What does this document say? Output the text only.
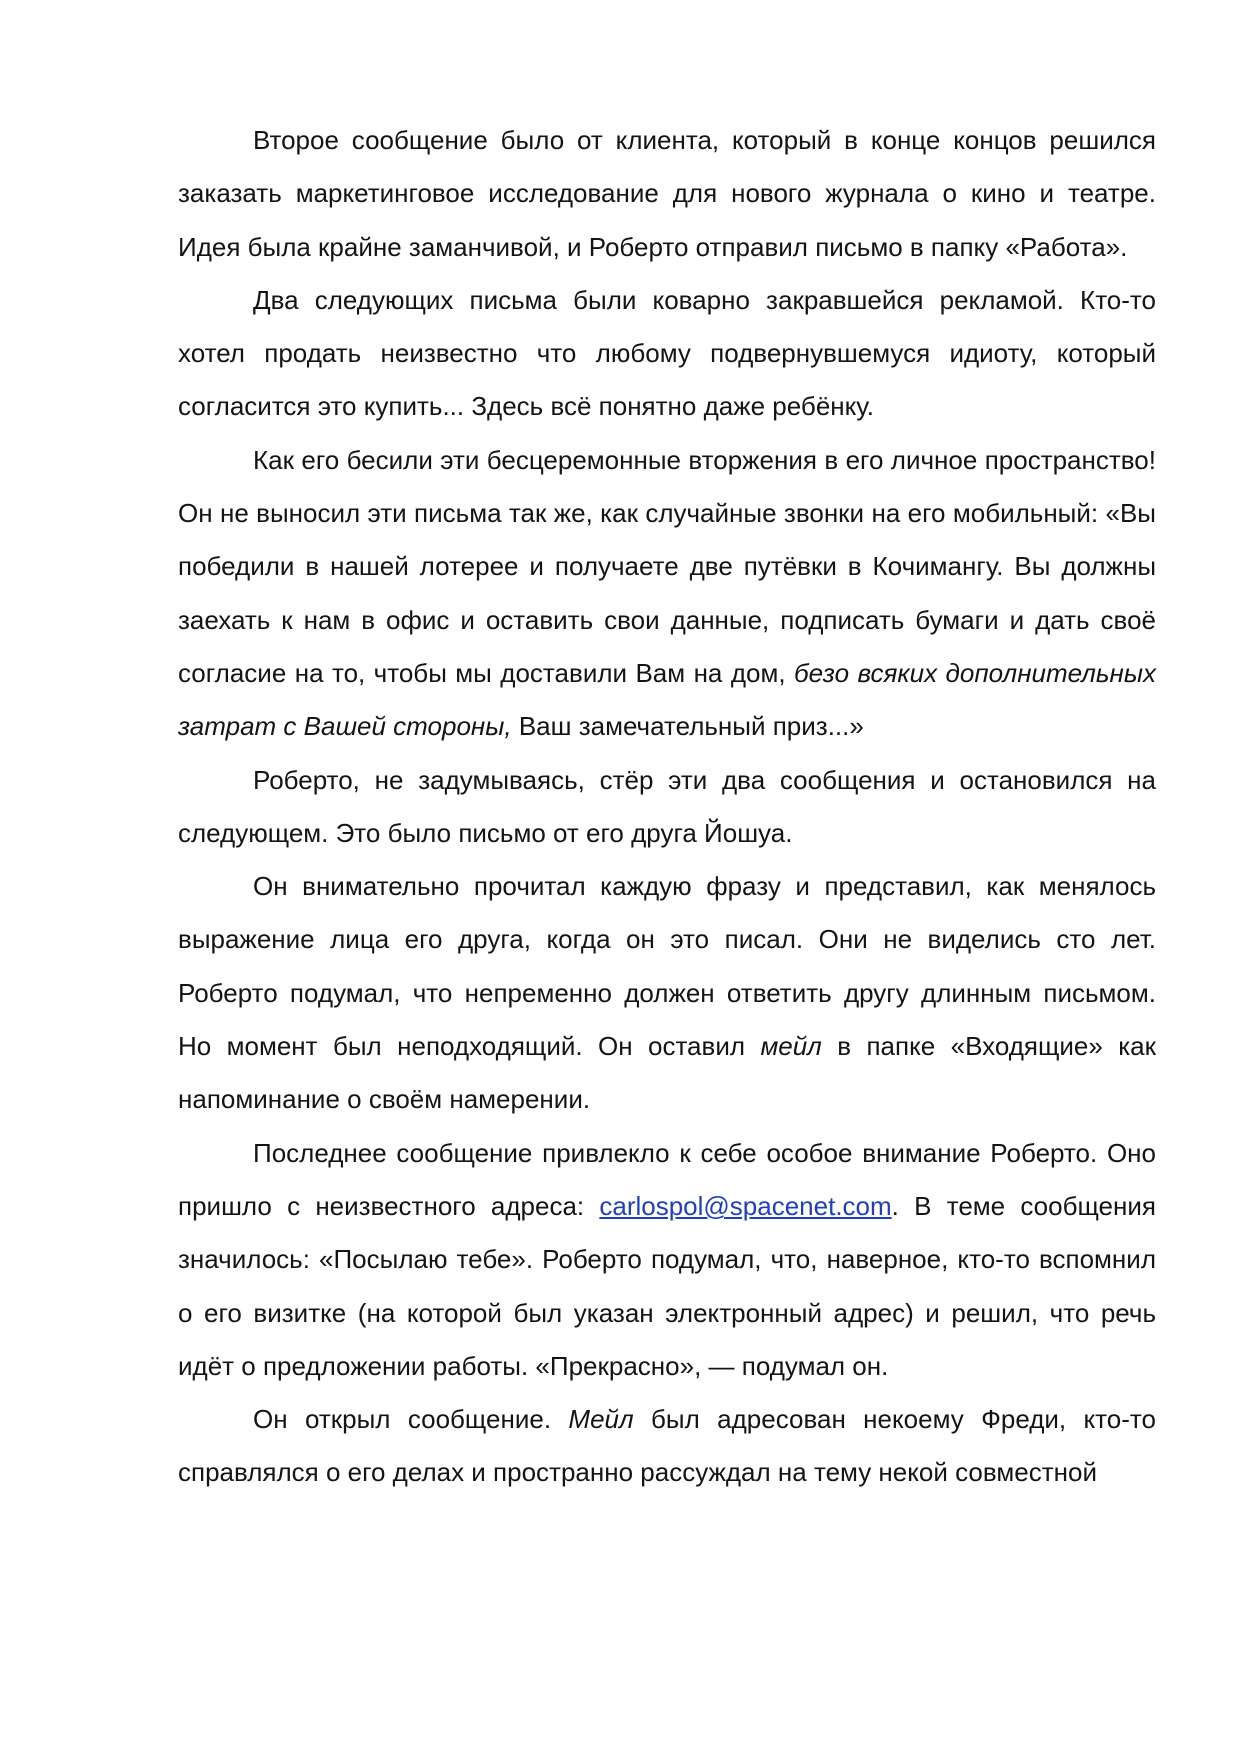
Второе сообщение было от клиента, который в конце концов решился заказать маркетинговое исследование для нового журнала о кино и театре. Идея была крайне заманчивой, и Роберто отправил письмо в папку «Работа».

Два следующих письма были коварно закравшейся рекламой. Кто-то хотел продать неизвестно что любому подвернувшемуся идиоту, который согласится это купить... Здесь всё понятно даже ребёнку.

Как его бесили эти бесцеремонные вторжения в его личное пространство! Он не выносил эти письма так же, как случайные звонки на его мобильный: «Вы победили в нашей лотерее и получаете две путёвки в Кочимангу. Вы должны заехать к нам в офис и оставить свои данные, подписать бумаги и дать своё согласие на то, чтобы мы доставили Вам на дом, безо всяких дополнительных затрат с Вашей стороны, Ваш замечательный приз...»

Роберто, не задумываясь, стёр эти два сообщения и остановился на следующем. Это было письмо от его друга Йошуа.

Он внимательно прочитал каждую фразу и представил, как менялось выражение лица его друга, когда он это писал. Они не виделись сто лет. Роберто подумал, что непременно должен ответить другу длинным письмом. Но момент был неподходящий. Он оставил мейл в папке «Входящие» как напоминание о своём намерении.

Последнее сообщение привлекло к себе особое внимание Роберто. Оно пришло с неизвестного адреса: carlospol@spacenet.com. В теме сообщения значилось: «Посылаю тебе». Роберто подумал, что, наверное, кто-то вспомнил о его визитке (на которой был указан электронный адрес) и решил, что речь идёт о предложении работы. «Прекрасно», — подумал он.

Он открыл сообщение. Мейл был адресован некоему Фреди, кто-то справлялся о его делах и пространно рассуждал на тему некой совместной
